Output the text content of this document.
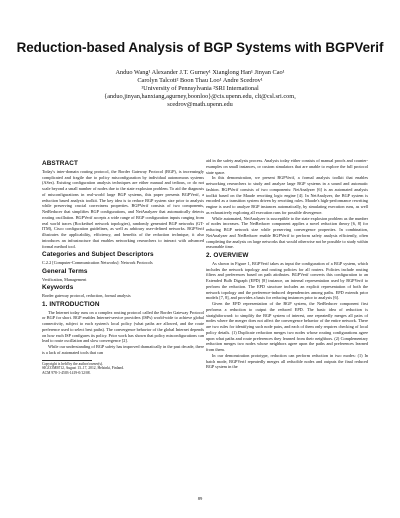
Reduction-based Analysis of BGP Systems with BGPVerif
Anduo Wang¹ Alexander J.T. Gurney¹ Xianglong Han¹ Jinyan Cao¹
Carolyn Talcott² Boon Thau Loo¹ Andre Scedrov¹
¹University of Pennsylvania ²SRI International
{anduo,jinyan,hanxiang,agurney,boonloo}@cis.upenn.edu, clt@csl.sri.com,
scedrov@math.upenn.edu
ABSTRACT

Today's inter-domain routing protocol, the Border Gateway Protocol (BGP), is increasingly complicated and fragile due to policy misconfiguration by individual autonomous systems (ASes). Existing configuration analysis techniques are either manual and tedious, or do not scale beyond a small number of nodes due to the state explosion problem. To aid the diagnosis of misconfigurations in real-world large BGP systems, this paper presents BGPVerif, a reduction based analysis toolkit. The key idea is to reduce BGP system size prior to analysis while preserving crucial correctness properties. BGPVerif consists of two components, NetReducer that simplifies BGP configurations, and NetAnalyzer that automatically detects routing oscillation. BGPVerif accepts a wide range of BGP configuration inputs ranging from real world traces (Rocketfuel network topologies), randomly generated BGP networks (GT-ITM), Cisco configuration guidelines, as well as arbitrary user-defined networks. BGPVerif illustrates the applicability, efficiency, and benefits of the reduction technique, it also introduces an infrastructure that enables networking researchers to interact with advanced formal method tool.

Categories and Subject Descriptors

C.2.2 [Computer-Communication Networks]: Network Protocols

General Terms

Verification, Management

Keywords

Border gateway protocol, reduction, formal analysis

1. INTRODUCTION

The Internet today runs on a complex routing protocol called the Border Gateway Protocol or BGP for short. BGP enables Internet-service providers (ISPs) world-wide to achieve global connectivity, subject to each system's local policy (what paths are allowed, and the route preference used to select best paths). The convergence behavior of the global Internet depends on how each ISP configures its policy. Prior work has shown that policy misconfigurations can lead to route oscillation and slow convergence [2].

While our understanding of BGP safety has improved dramatically in the past decade, there is a lack of automated tools that can

Copyright is held by the author/owner(s).
SIGCOMM'12, August 13–17, 2012, Helsinki, Finland.
ACM 978-1-4503-1419-0/12/08.

aid in the safety analysis process. Analysis today either consists of manual proofs and counter-examples on small instances, or custom simulators that are unable to explore the full protocol state space.

In this demonstration, we present BGPVerif, a formal analysis toolkit that enables networking researchers to study and analyze large BGP systems in a sound and automatic fashion. BGPVerif consists of two components: NetAnalyzer [6] is an automated analysis toolkit based on the Maude rewriting logic engine [4]. In NetAnalyzer, the BGP system is encoded as a transition system driven by rewriting rules. Maude's high-performance rewriting engine is used to analyze BGP instances automatically, by simulating execution runs, as well as exhaustively exploring all execution runs for possible divergence.

While automated, NetAnalyzer is susceptible to the state explosion problem as the number of nodes increases. The NetReducer component applies a novel reduction theory [6, 8] for reducing BGP network size while preserving convergence properties. In combination, NetAnalyzer and NetReducer enable BGPVerif to perform safety analysis efficiently, often completing the analysis on large networks that would otherwise not be possible to study within reasonable time.

2. OVERVIEW

As shown in Figure 1, BGPVerif takes as input the configuration of a BGP system, which includes the network topology and routing policies for all routers. Policies include routing filters and preferences based on path attributes. BGPVerif converts this configuration to an Extended Bulb Digraph (EPD) [8] instance, an internal representation used by BGPVerif to perform the reduction. The EPD structure includes an explicit representation of both the network topology and the preference-induced dependencies among paths. EPD extends prior models [7, 8], and provides a basis for reducing instances prior to analysis [6].

Given the EPD representation of the BGP system, the NetReducer component first performs a reduction to output the reduced EPD. The basic idea of reduction is straightforward: to simplify the BGP system of interest, one repeatedly merges all pairs of nodes where the merger does not affect the convergence behavior of the entire network. There are two rules for identifying such node pairs, and each of them only requires checking of local policy details. (1) Duplicate reduction merges two nodes whose routing configurations agree upon what paths and route preferences they learned from their neighbors. (2) Complementary reduction merges two nodes whose neighbors agree upon the paths and preferences learned from them.

In our demonstration prototype, reduction can perform reduction in two modes: (1) In batch mode, BGPVerif repeatedly merges all reducible nodes and outputs the final reduced BGP system in the

89
